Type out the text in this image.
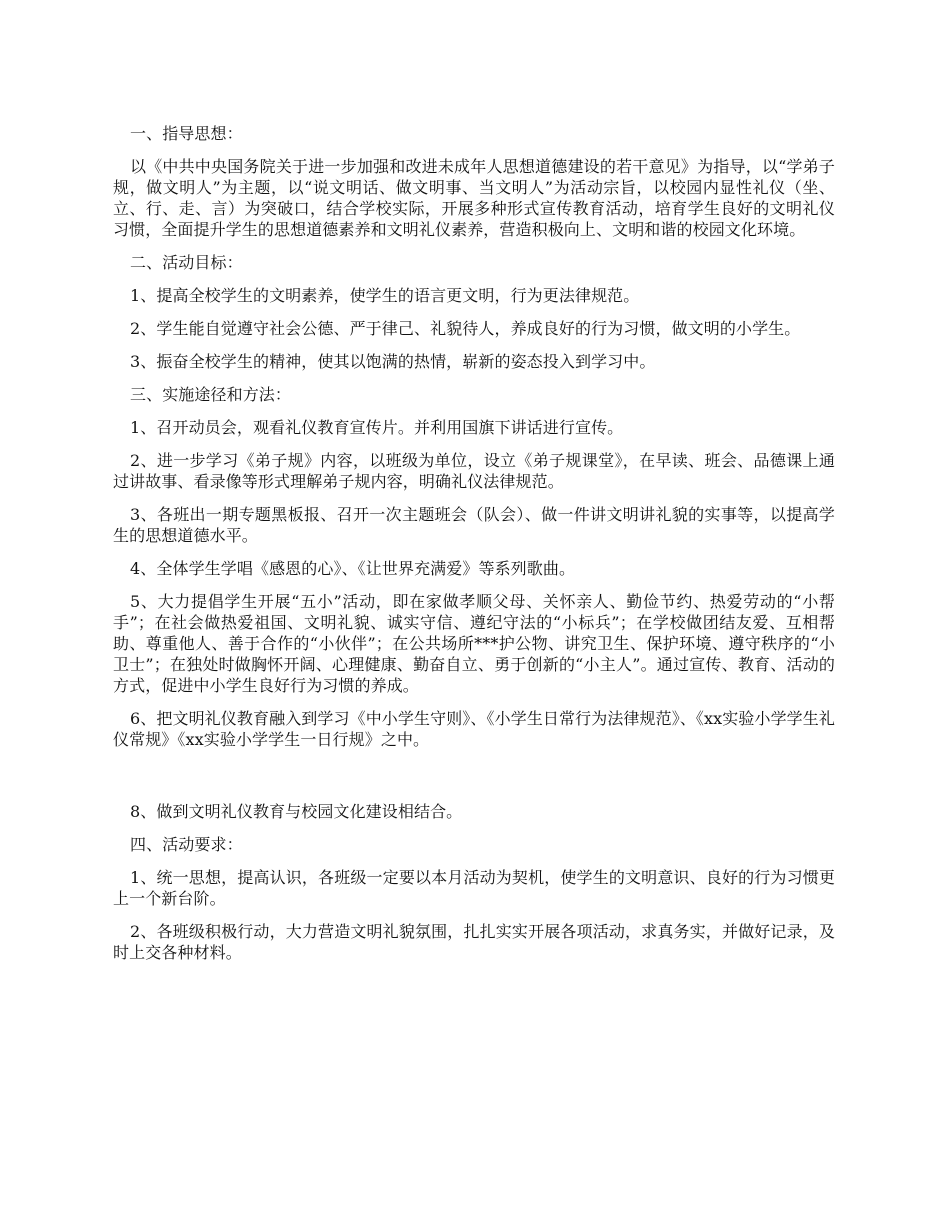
一、指导思想：

以《中共中央国务院关于进一步加强和改进未成年人思想道德建设的若干意见》为指导，以“学弟子规，做文明人”为主题，以“说文明话、做文明事、当文明人”为活动宗旨，以校园内显性礼仪（坐、立、行、走、言）为突破口，结合学校实际，开展多种形式宣传教育活动，培育学生良好的文明礼仪习惯，全面提升学生的思想道德素养和文明礼仪素养，营造积极向上、文明和谐的校园文化环境。

二、活动目标：

1、提高全校学生的文明素养，使学生的语言更文明，行为更法律规范。

2、学生能自觉遵守社会公德、严于律己、礼貌待人，养成良好的行为习惯，做文明的小学生。

3、振奋全校学生的精神，使其以饱满的热情，崭新的姿态投入到学习中。

三、实施途径和方法：

1、召开动员会，观看礼仪教育宣传片。并利用国旗下讲话进行宣传。

2、进一步学习《弟子规》内容，以班级为单位，设立《弟子规课堂》，在早读、班会、品德课上通过讲故事、看录像等形式理解弟子规内容，明确礼仪法律规范。

3、各班出一期专题黑板报、召开一次主题班会（队会）、做一件讲文明讲礼貌的实事等，以提高学生的思想道德水平。

4、全体学生学唱《感恩的心》、《让世界充满爱》等系列歌曲。

5、大力提倡学生开展“五小”活动，即在家做孝顺父母、关怀亲人、勤俭节约、热爱劳动的“小帮手”；在社会做热爱祖国、文明礼貌、诚实守信、遵纪守法的“小标兵”；在学校做团结友爱、互相帮助、尊重他人、善于合作的“小伙伴”；在公共场所***护公物、讲究卫生、保护环境、遵守秩序的“小卫士”；在独处时做胸怀开阔、心理健康、勤奋自立、勇于创新的“小主人”。通过宣传、教育、活动的方式，促进中小学生良好行为习惯的养成。

6、把文明礼仪教育融入到学习《中小学生守则》、《小学生日常行为法律规范》、《xx实验小学学生礼仪常规》《xx实验小学学生一日行规》之中。

8、做到文明礼仪教育与校园文化建设相结合。

四、活动要求：

1、统一思想，提高认识，各班级一定要以本月活动为契机，使学生的文明意识、良好的行为习惯更上一个新台阶。

2、各班级积极行动，大力营造文明礼貌氛围，扎扎实实开展各项活动，求真务实，并做好记录，及时上交各种材料。
